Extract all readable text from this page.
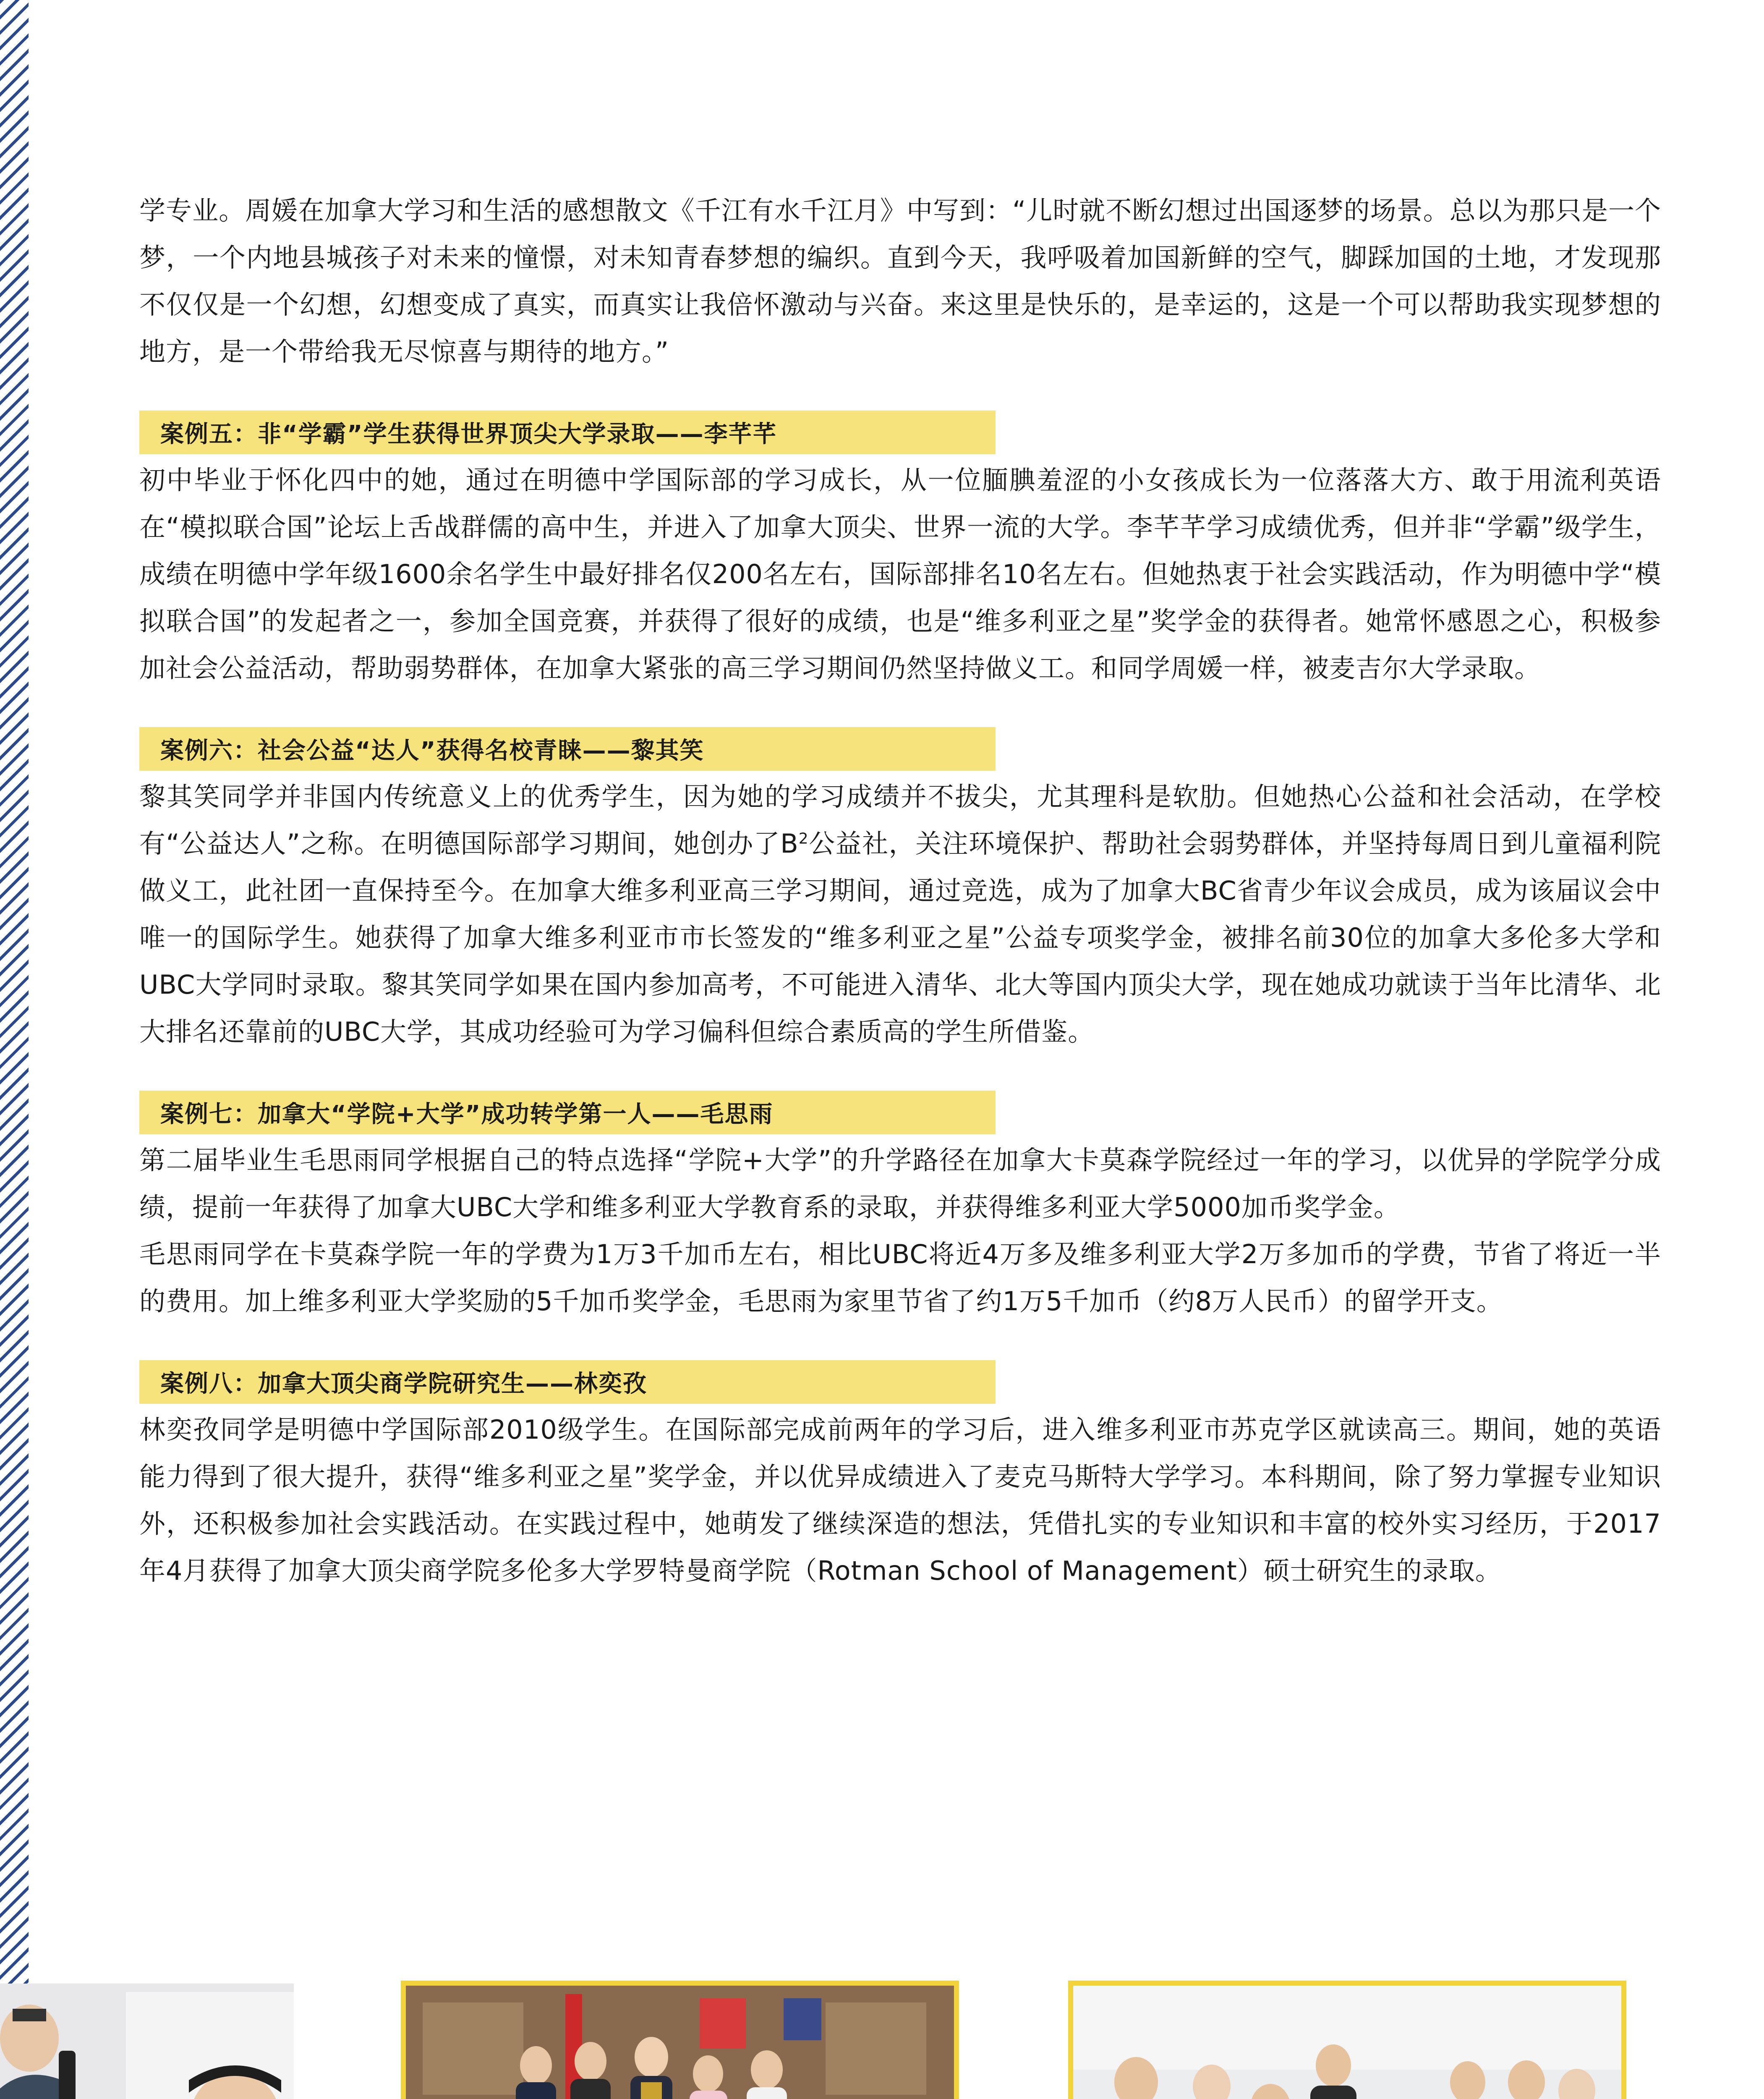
学专业。周媛在加拿大学习和生活的感想散文《千江有水千江月》中写到：“儿时就不断幻想过出国逐梦的场景。总以为那只是一个梦，一个内地县城孩子对未来的憧憬，对未知青春梦想的编织。直到今天，我呼吸着加国新鲜的空气，脚踩加国的土地，才发现那不仅仅是一个幻想，幻想变成了真实，而真实让我倍怀激动与兴奋。来这里是快乐的，是幸运的，这是一个可以帮助我实现梦想的地方，是一个带给我无尽惊喜与期待的地方。”

案例五：非“学霸”学生获得世界顶尖大学录取——李芊芊

初中毕业于怀化四中的她，通过在明德中学国际部的学习成长，从一位腼腆羞涩的小女孩成长为一位落落大方、敢于用流利英语在“模拟联合国”论坛上舌战群儒的高中生，并进入了加拿大顶尖、世界一流的大学。李芊芊学习成绩优秀，但并非“学霸”级学生，成绩在明德中学年级1600余名学生中最好排名仅200名左右，国际部排名10名左右。但她热衷于社会实践活动，作为明德中学“模拟联合国”的发起者之一，参加全国竞赛，并获得了很好的成绩，也是“维多利亚之星”奖学金的获得者。她常怀感恩之心，积极参加社会公益活动，帮助弱势群体，在加拿大紧张的高三学习期间仍然坚持做义工。和同学周媛一样，被麦吉尔大学录取。

案例六：社会公益“达人”获得名校青睐——黎其笑

黎其笑同学并非国内传统意义上的优秀学生，因为她的学习成绩并不拔尖，尤其理科是软肋。但她热心公益和社会活动，在学校有“公益达人”之称。在明德国际部学习期间，她创办了$B^2$公益社，关注环境保护、帮助社会弱势群体，并坚持每周日到儿童福利院做义工，此社团一直保持至今。在加拿大维多利亚高三学习期间，通过竞选，成为了加拿大BC省青少年议会成员，成为该届议会中唯一的国际学生。她获得了加拿大维多利亚市市长签发的“维多利亚之星”公益专项奖学金，被排名前30位的加拿大多伦多大学和UBC大学同时录取。黎其笑同学如果在国内参加高考，不可能进入清华、北大等国内顶尖大学，现在她成功就读于当年比清华、北大排名还靠前的UBC大学，其成功经验可为学习偏科但综合素质高的学生所借鉴。

案例七：加拿大“学院+大学”成功转学第一人——毛思雨

第二届毕业生毛思雨同学根据自己的特点选择“学院+大学”的升学路径在加拿大卡莫森学院经过一年的学习，以优异的学院学分成绩，提前一年获得了加拿大UBC大学和维多利亚大学教育系的录取，并获得维多利亚大学5000加币奖学金。

毛思雨同学在卡莫森学院一年的学费为1万3千加币左右，相比UBC将近4万多及维多利亚大学2万多加币的学费，节省了将近一半的费用。加上维多利亚大学奖励的5千加币奖学金，毛思雨为家里节省了约1万5千加币（约8万人民币）的留学开支。

案例八：加拿大顶尖商学院研究生——林奕孜

林奕孜同学是明德中学国际部2010级学生。在国际部完成前两年的学习后，进入维多利亚市苏克学区就读高三。期间，她的英语能力得到了很大提升，获得“维多利亚之星”奖学金，并以优异成绩进入了麦克马斯特大学学习。本科期间，除了努力掌握专业知识外，还积极参加社会实践活动。在实践过程中，她萌发了继续深造的想法，凭借扎实的专业知识和丰富的校外实习经历，于2017年4月获得了加拿大顶尖商学院多伦多大学罗特曼商学院（Rotman School of Management）硕士研究生的录取。
